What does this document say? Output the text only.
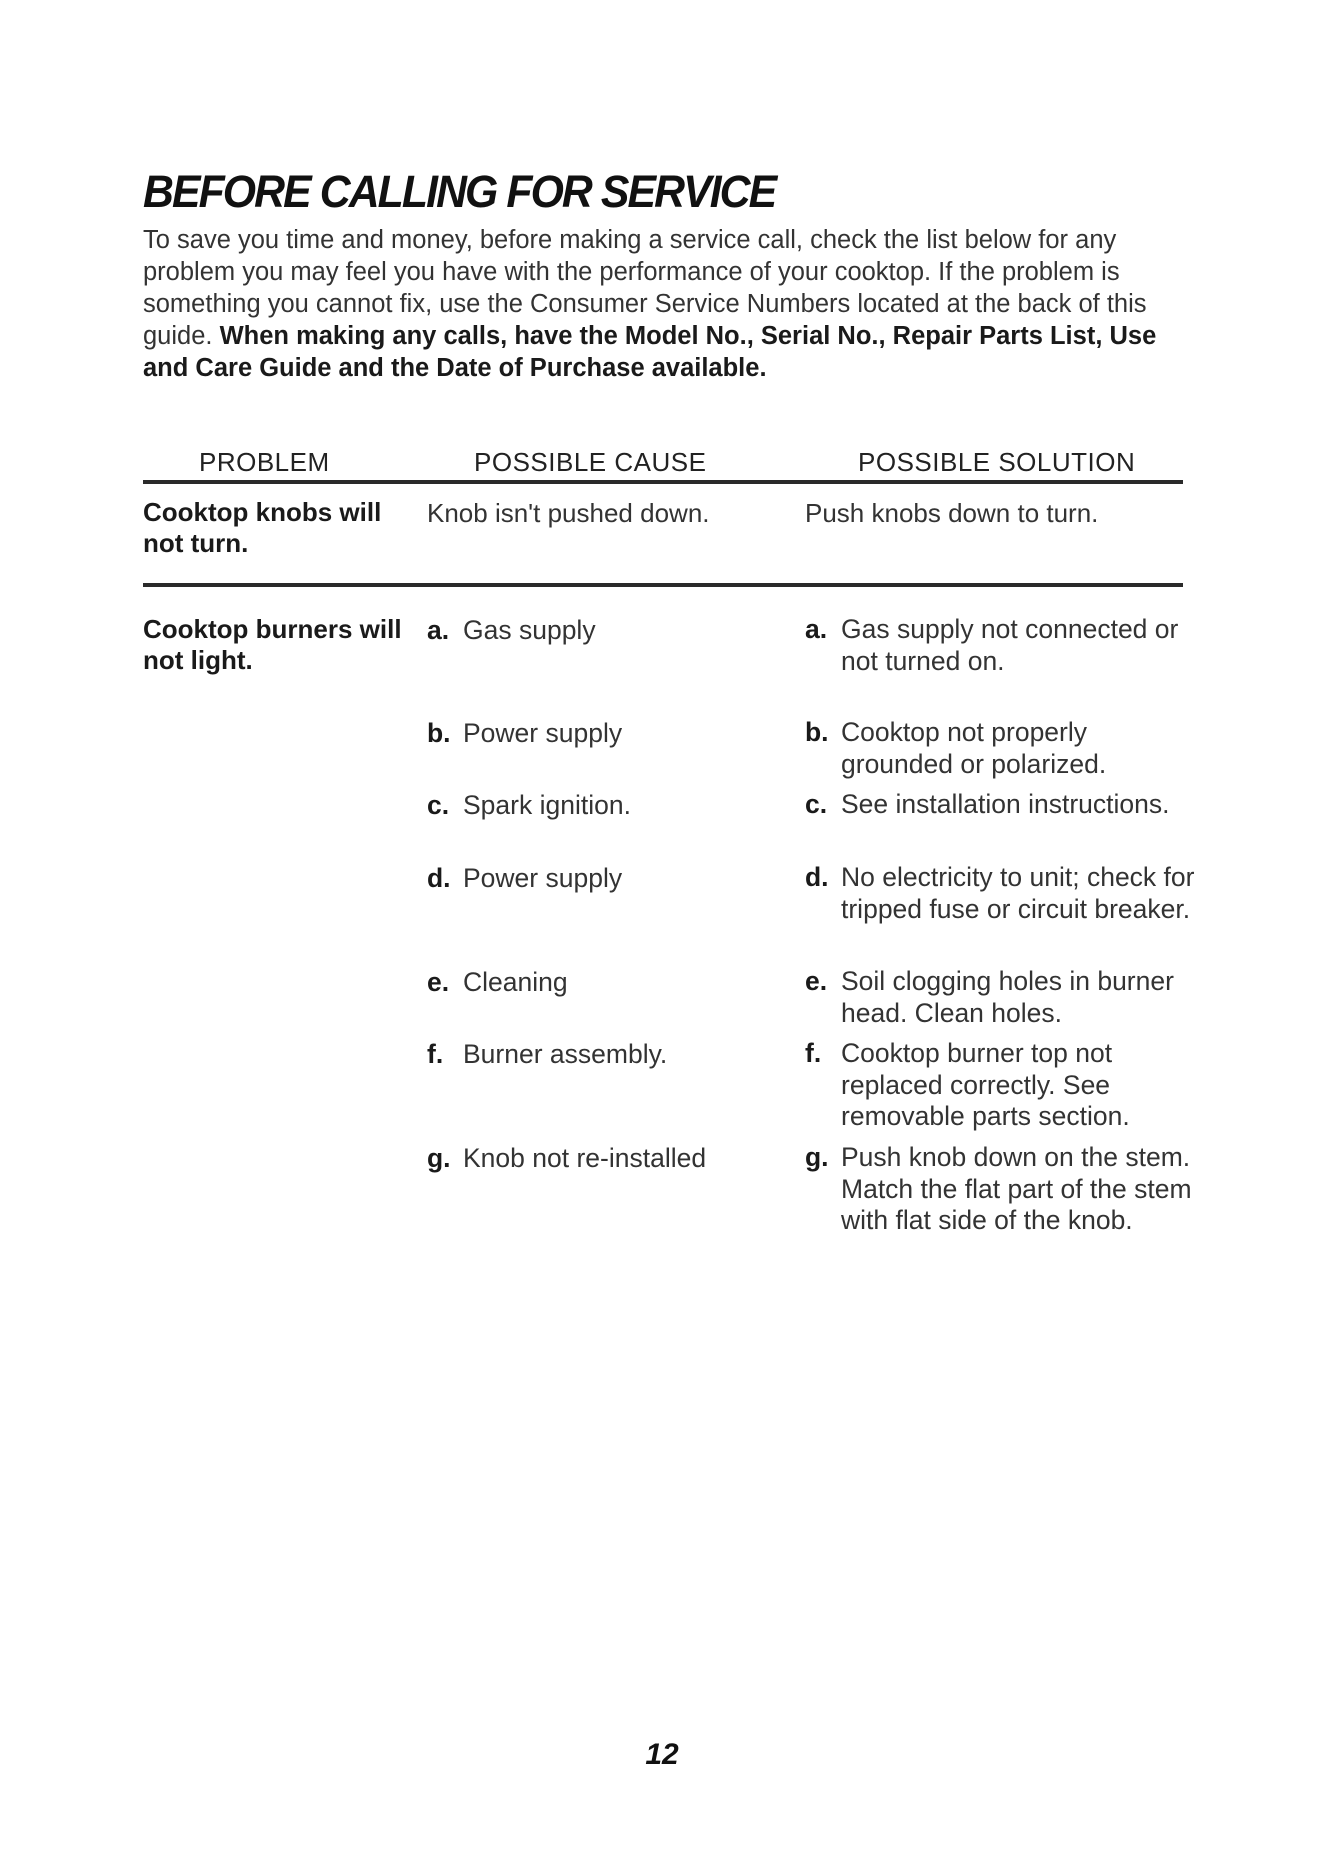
BEFORE CALLING FOR SERVICE
To save you time and money, before making a service call, check the list below for any problem you may feel you have with the performance of your cooktop. If the problem is something you cannot fix, use the Consumer Service Numbers located at the back of this guide. When making any calls, have the Model No., Serial No., Repair Parts List, Use and Care Guide and the Date of Purchase available.
PROBLEM	POSSIBLE CAUSE	POSSIBLE SOLUTION
Cooktop knobs will not turn.
Knob isn't pushed down.	Push knobs down to turn.
Cooktop burners will not light.
a. Gas supply	a. Gas supply not connected or not turned on.
b. Power supply	b. Cooktop not properly grounded or polarized.
c. Spark ignition.	c. See installation instructions.
d. Power supply	d. No electricity to unit; check for tripped fuse or circuit breaker.
e. Cleaning	e. Soil clogging holes in burner head. Clean holes.
f. Burner assembly.	f. Cooktop burner top not replaced correctly. See removable parts section.
g. Knob not re-installed	g. Push knob down on the stem. Match the flat part of the stem with flat side of the knob.
12
